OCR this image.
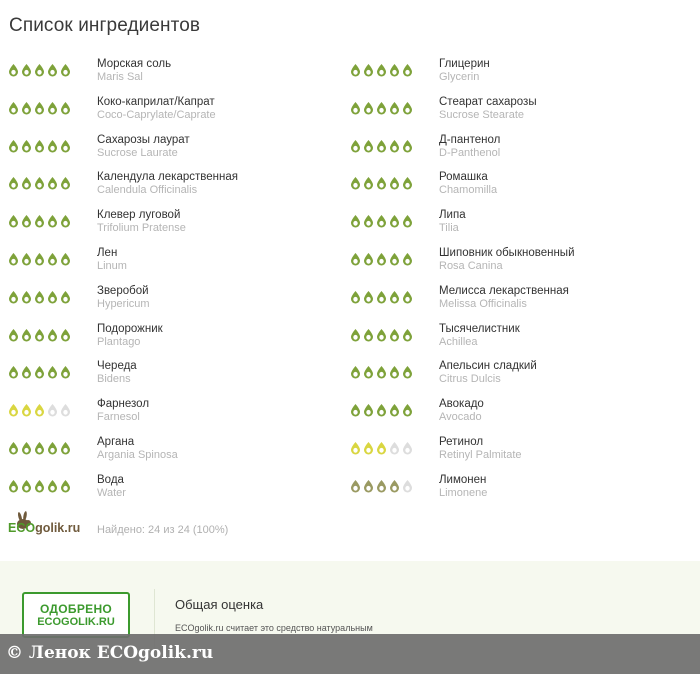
Список ингредиентов
Морская соль
Maris Sal
Коко-каприлат/Капрат
Coco-Caprylate/Caprate
Сахарозы лаурат
Sucrose Laurate
Календула лекарственная
Calendula Officinalis
Клевер луговой
Trifolium Pratense
Лен
Linum
Зверобой
Hypericum
Подорожник
Plantago
Череда
Bidens
Фарнезол
Farnesol
Аргана
Argania Spinosa
Вода
Water
Глицерин
Glycerin
Стеарат сахарозы
Sucrose Stearate
Д-пантенол
D-Panthenol
Ромашка
Chamomilla
Липа
Tilia
Шиповник обыкновенный
Rosa Canina
Мелисса лекарственная
Melissa Officinalis
Тысячелистник
Achillea
Апельсин сладкий
Citrus Dulcis
Авокадо
Avocado
Ретинол
Retinyl Palmitate
Лимонен
Limonene
ECOgolik.ru Найдено: 24 из 24 (100%)
ОДОБРЕНО
ECOGOLIK.RU
Общая оценка
ECOgolik.ru считает это средство натуральным
© Ленок ECOgolik.ru
